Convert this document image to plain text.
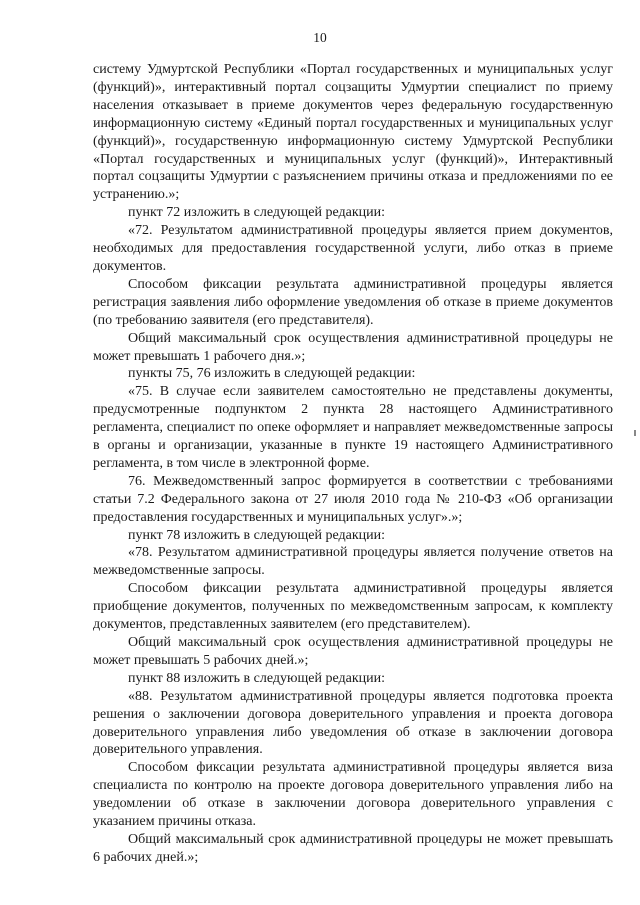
10

систему Удмуртской Республики «Портал государственных и муниципальных услуг (функций)», интерактивный портал соцзащиты Удмуртии специалист по приему населения отказывает в приеме документов через федеральную государственную информационную систему «Единый портал государственных и муниципальных услуг (функций)», государственную информационную систему Удмуртской Республики «Портал государственных и муниципальных услуг (функций)», Интерактивный портал соцзащиты Удмуртии с разъяснением причины отказа и предложениями по ее устранению.»;

пункт 72 изложить в следующей редакции:

«72. Результатом административной процедуры является прием документов, необходимых для предоставления государственной услуги, либо отказ в приеме документов.

Способом фиксации результата административной процедуры является регистрация заявления либо оформление уведомления об отказе в приеме документов (по требованию заявителя (его представителя).

Общий максимальный срок осуществления административной процедуры не может превышать 1 рабочего дня.»;

пункты 75, 76 изложить в следующей редакции:

«75. В случае если заявителем самостоятельно не представлены документы, предусмотренные подпунктом 2 пункта 28 настоящего Административного регламента, специалист по опеке оформляет и направляет межведомственные запросы в органы и организации, указанные в пункте 19 настоящего Административного регламента, в том числе в электронной форме.

76. Межведомственный запрос формируется в соответствии с требованиями статьи 7.2 Федерального закона от 27 июля 2010 года № 210-ФЗ «Об организации предоставления государственных и муниципальных услуг».»;

пункт 78 изложить в следующей редакции:

«78. Результатом административной процедуры является получение ответов на межведомственные запросы.

Способом фиксации результата административной процедуры является приобщение документов, полученных по межведомственным запросам, к комплекту документов, представленных заявителем (его представителем).

Общий максимальный срок осуществления административной процедуры не может превышать 5 рабочих дней.»;

пункт 88 изложить в следующей редакции:

«88. Результатом административной процедуры является подготовка проекта решения о заключении договора доверительного управления и проекта договора доверительного управления либо уведомления об отказе в заключении договора доверительного управления.

Способом фиксации результата административной процедуры является виза специалиста по контролю на проекте договора доверительного управления либо на уведомлении об отказе в заключении договора доверительного управления с указанием причины отказа.

Общий максимальный срок административной процедуры не может превышать 6 рабочих дней.»;
